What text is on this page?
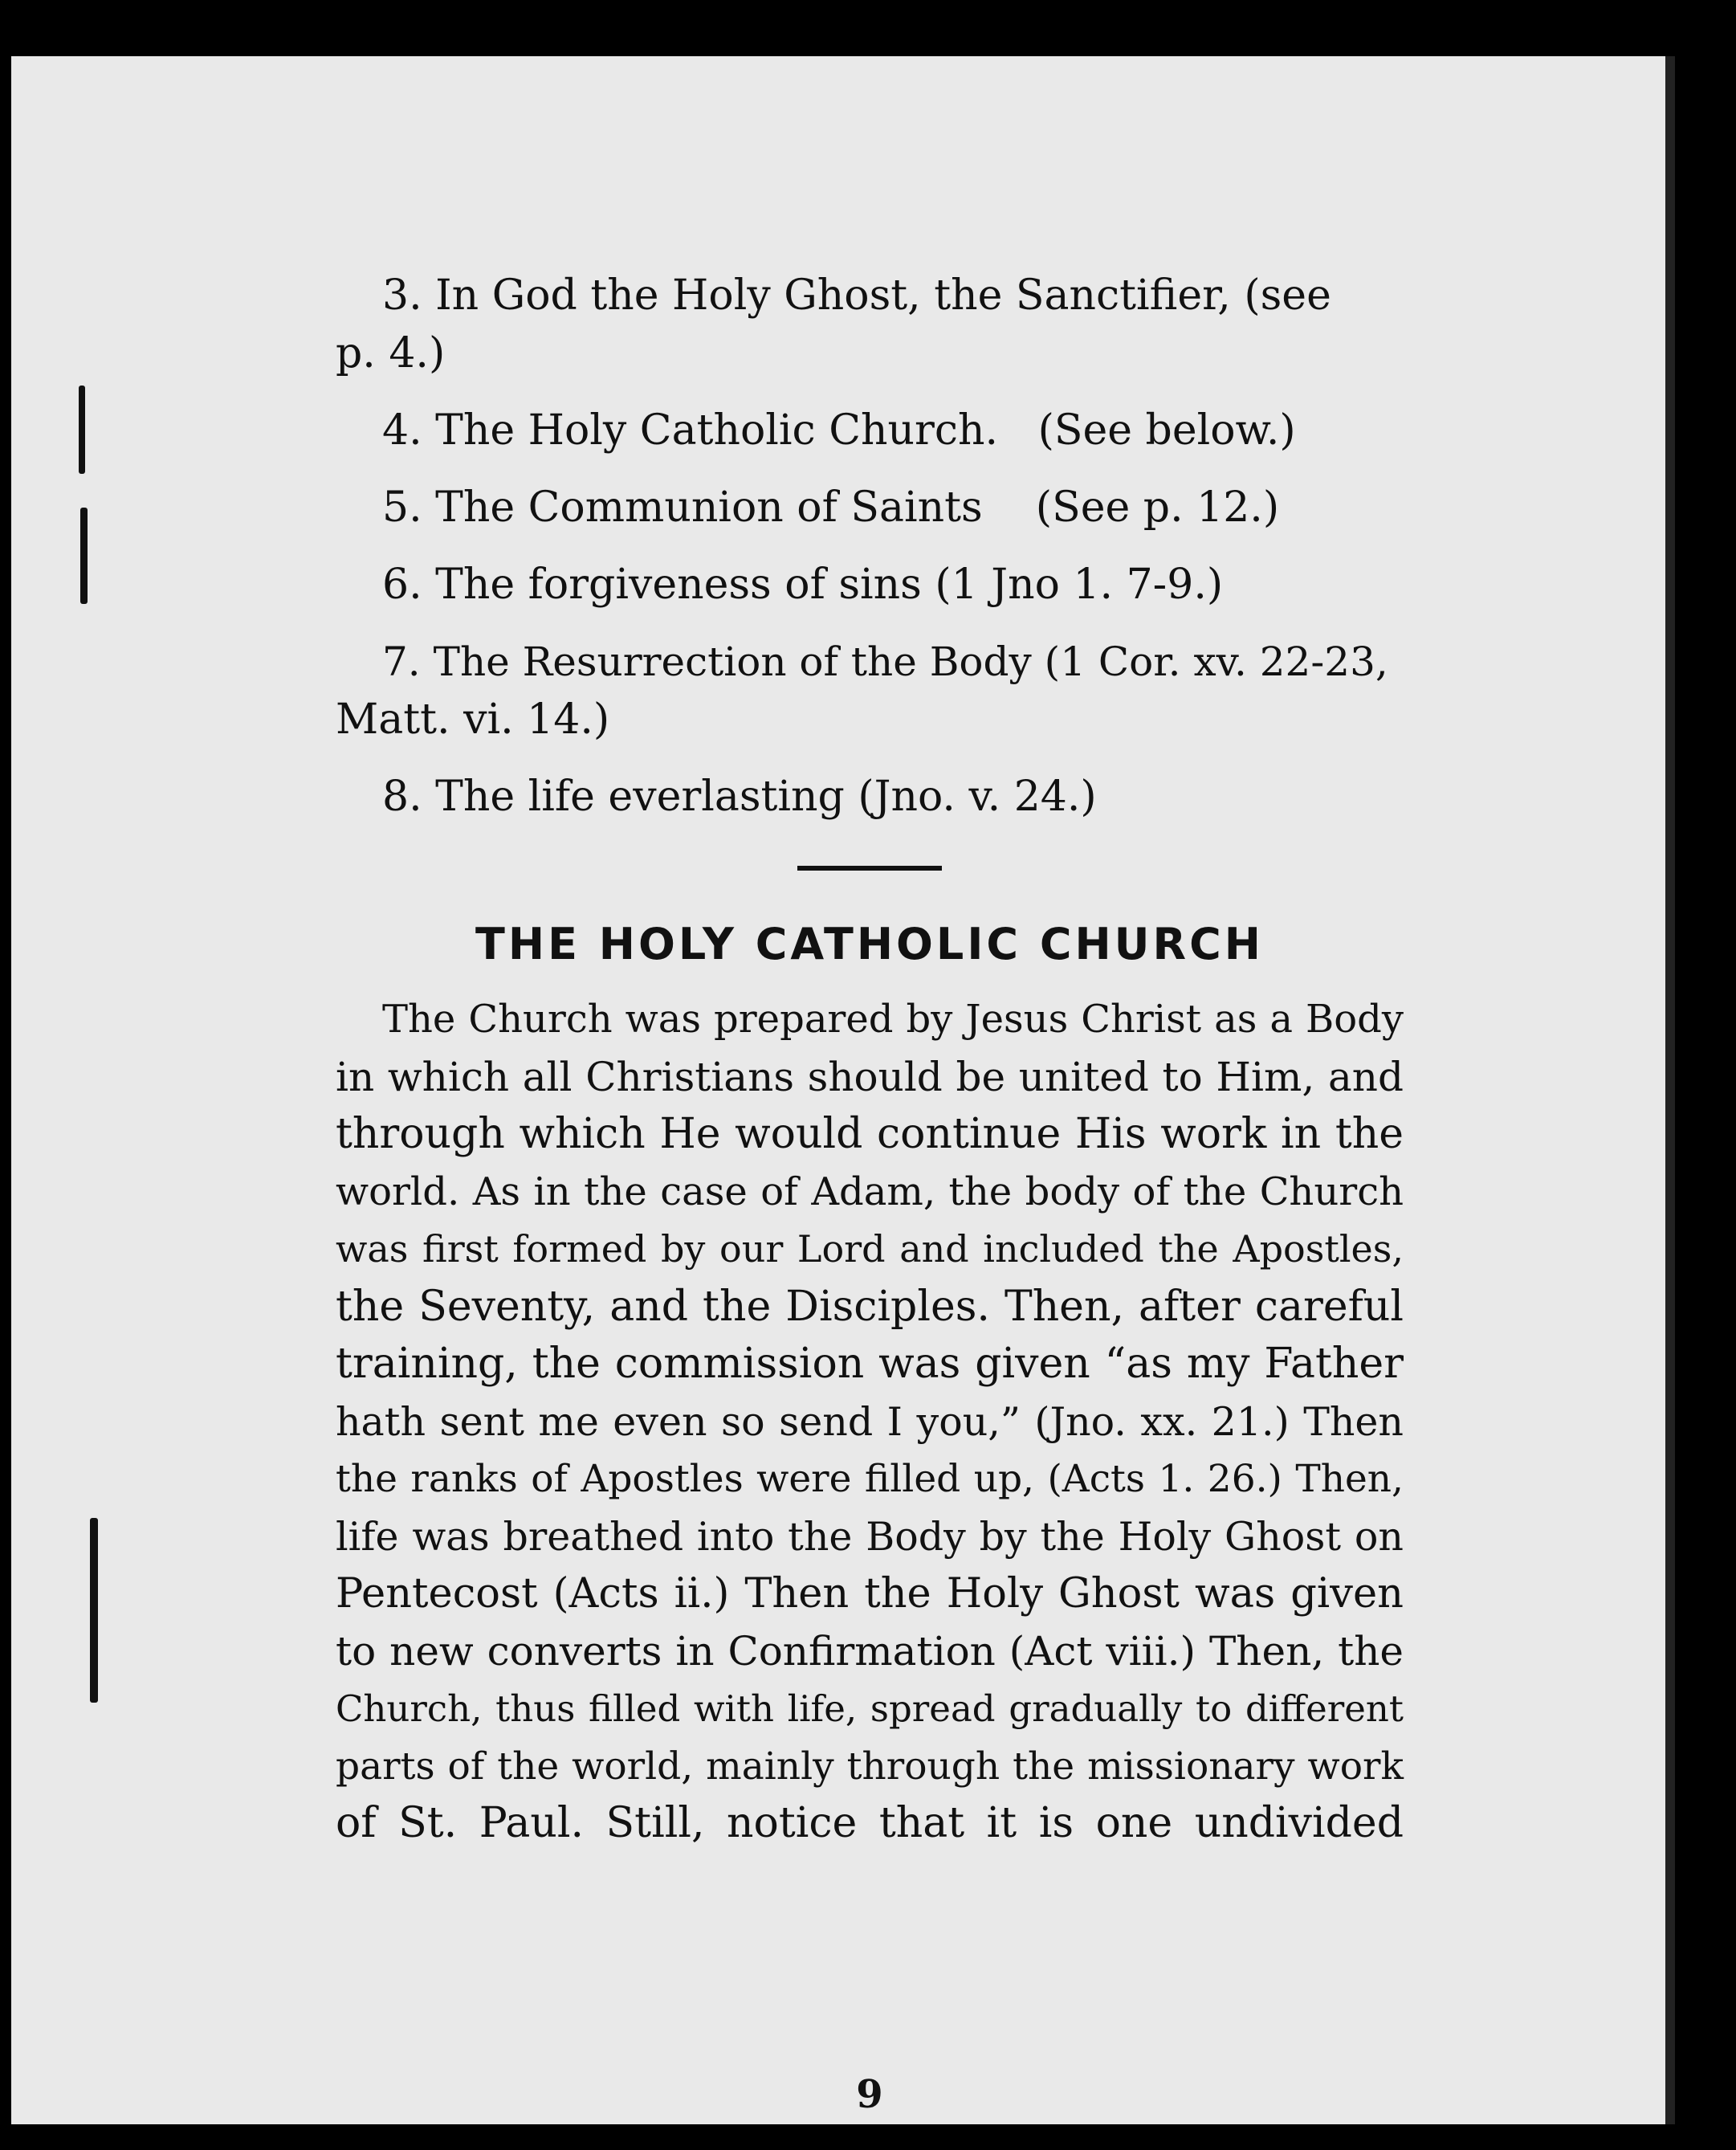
3. In God the Holy Ghost, the Sanctifier, (see
p. 4.)
4. The Holy Catholic Church.   (See below.)
5. The Communion of Saints    (See p. 12.)
6. The forgiveness of sins (1 Jno 1. 7-9.)
7. The Resurrection of the Body (1 Cor. xv. 22-23,
Matt. vi. 14.)
8. The life everlasting (Jno. v. 24.)
THE HOLY CATHOLIC CHURCH
The Church was prepared by Jesus Christ as a Body
in which all Christians should be united to Him, and
through which He would continue His work in the
world. As in the case of Adam, the body of the Church
was first formed by our Lord and included the Apostles,
the Seventy, and the Disciples. Then, after careful
training, the commission was given “as my Father
hath sent me even so send I you,” (Jno. xx. 21.) Then
the ranks of Apostles were filled up, (Acts 1. 26.) Then,
life was breathed into the Body by the Holy Ghost on
Pentecost (Acts ii.) Then the Holy Ghost was given
to new converts in Confirmation (Act viii.) Then, the
Church, thus filled with life, spread gradually to different
parts of the world, mainly through the missionary work
of St. Paul. Still, notice that it is one undivided
9
